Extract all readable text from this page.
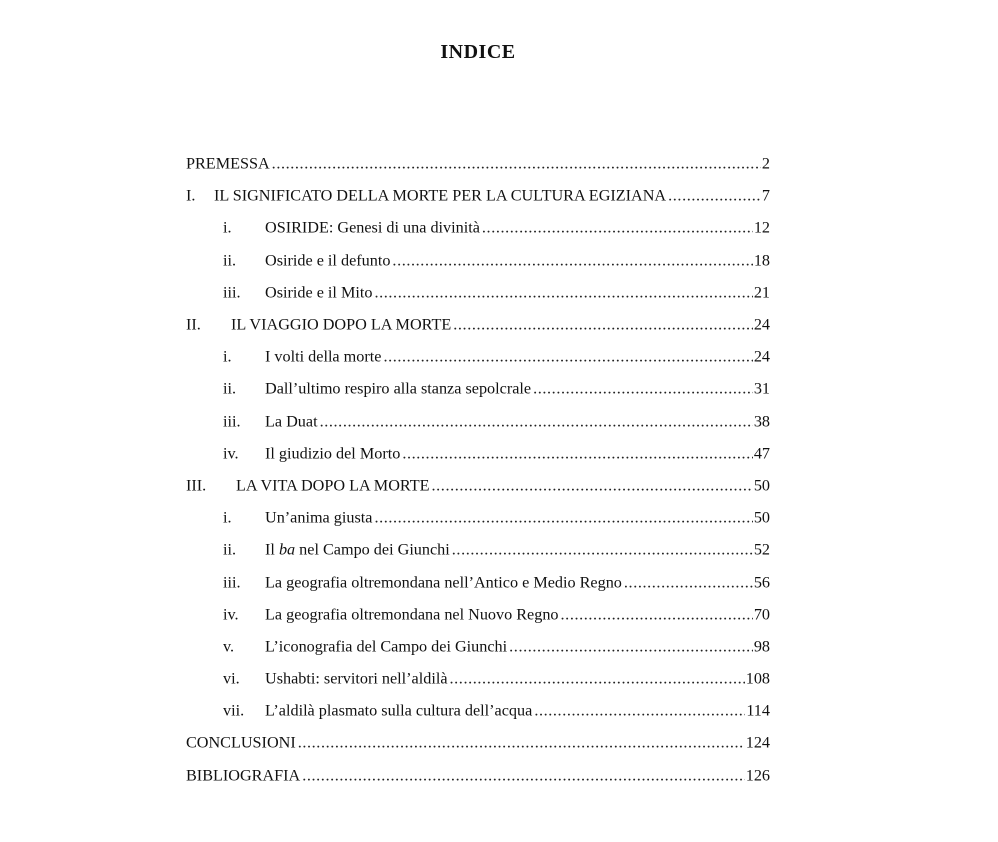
INDICE
PREMESSA .....	2
I. IL SIGNIFICATO DELLA MORTE PER LA CULTURA EGIZIANA .....	7
i. OSIRIDE: Genesi di una divinità .....	12
ii. Osiride e il defunto .....	18
iii. Osiride e il Mito .....	21
II. IL VIAGGIO DOPO LA MORTE .....	24
i. I volti della morte .....	24
ii. Dall’ultimo respiro alla stanza sepolcrale .....	31
iii. La Duat .....	38
iv. Il giudizio del Morto .....	47
III. LA VITA DOPO LA MORTE .....	50
i. Un’anima giusta .....	50
ii. Il ba nel Campo dei Giunchi .....	52
iii. La geografia oltremondana nell’Antico e Medio Regno .....	56
iv. La geografia oltremondana nel Nuovo Regno .....	70
v. L’iconografia del Campo dei Giunchi .....	98
vi. Ushabti: servitori nell’aldilà .....	108
vii. L’aldilà plasmato sulla cultura dell’acqua .....	114
CONCLUSIONI .....	124
BIBLIOGRAFIA .....	126
